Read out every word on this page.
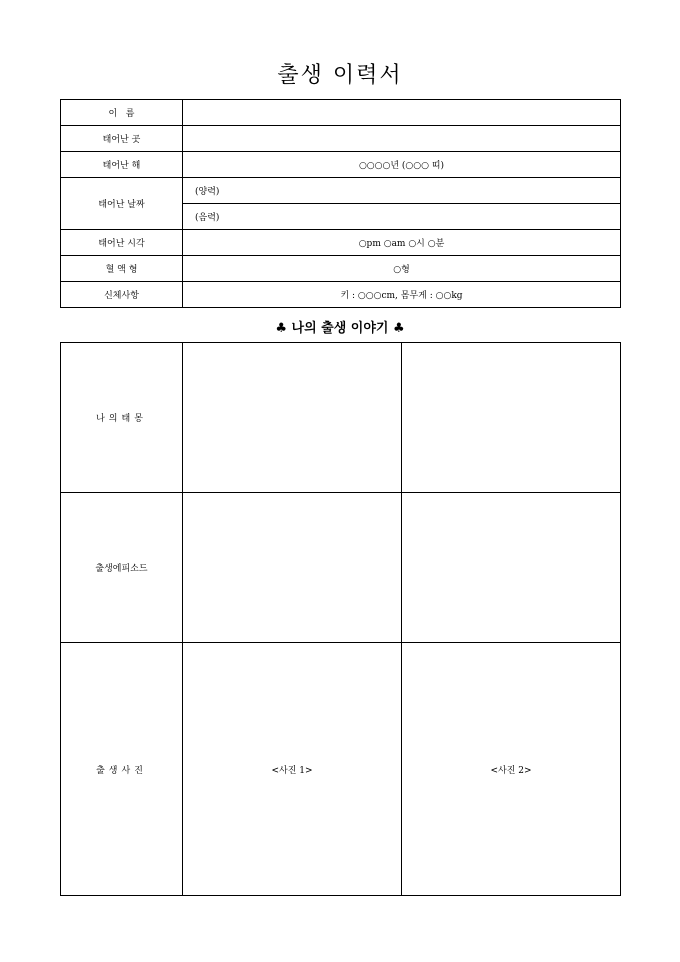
출생 이력서
이   름	
태어난 곳	
태어난 해	○○○○년 (○○○ 띠)
태어난 날짜	(양력)
	(음력)
태어난 시각	○pm ○am ○시 ○분
혈 액 형	○형
신체사항	키 : ○○○cm, 몸무게 : ○○kg
♣ 나의 출생 이야기 ♣
나의태몽		
출생에피소드		
출생사진	<사진 1>	<사진 2>
